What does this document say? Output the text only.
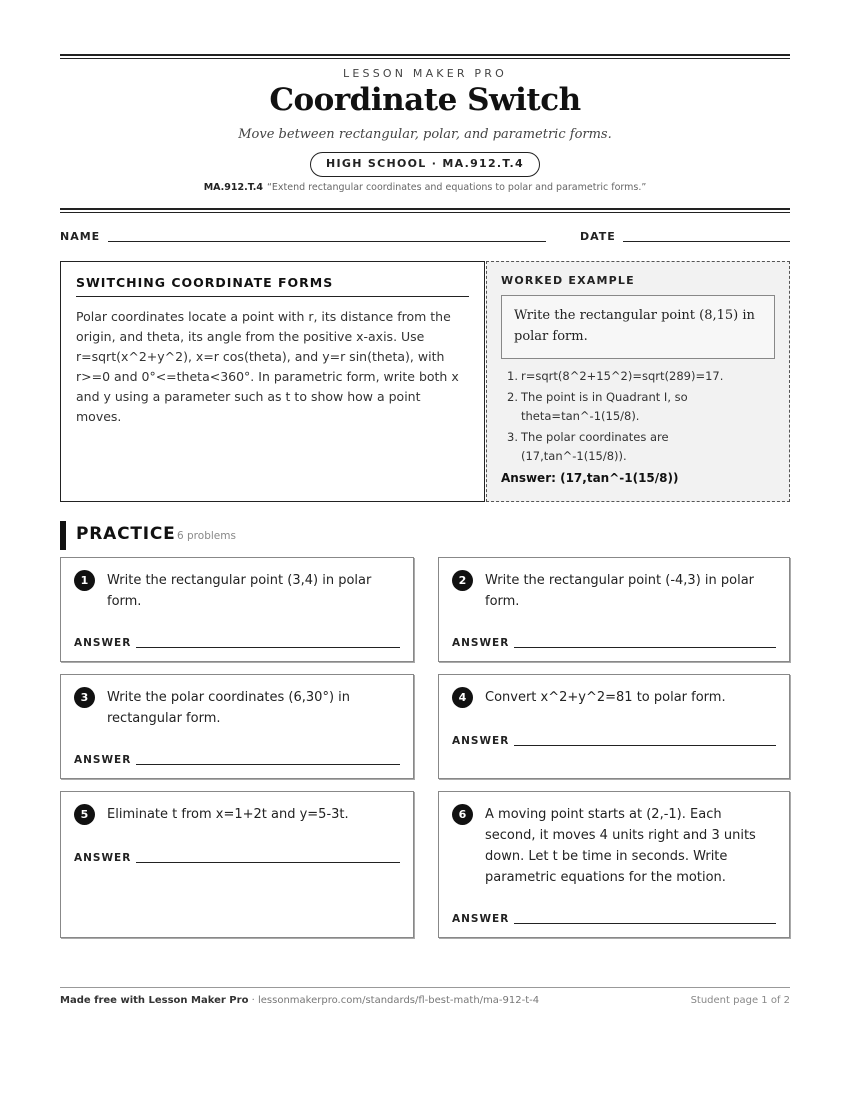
LESSON MAKER PRO
Coordinate Switch
Move between rectangular, polar, and parametric forms.
HIGH SCHOOL · MA.912.T.4
MA.912.T.4 “Extend rectangular coordinates and equations to polar and parametric forms.”
NAME	DATE
SWITCHING COORDINATE FORMS
Polar coordinates locate a point with r, its distance from the origin, and theta, its angle from the positive x-axis. Use r=sqrt(x^2+y^2), x=r cos(theta), and y=r sin(theta), with r>=0 and 0°<=theta<360°. In parametric form, write both x and y using a parameter such as t to show how a point moves.
WORKED EXAMPLE
Write the rectangular point (8,15) in polar form.
1. r=sqrt(8^2+15^2)=sqrt(289)=17.
2. The point is in Quadrant I, so theta=tan^-1(15/8).
3. The polar coordinates are (17,tan^-1(15/8)).
Answer: (17,tan^-1(15/8))
PRACTICE 6 problems
1	Write the rectangular point (3,4) in polar form.
ANSWER
2	Write the rectangular point (-4,3) in polar form.
ANSWER
3	Write the polar coordinates (6,30°) in rectangular form.
ANSWER
4	Convert x^2+y^2=81 to polar form.
ANSWER
5	Eliminate t from x=1+2t and y=5-3t.
ANSWER
6	A moving point starts at (2,-1). Each second, it moves 4 units right and 3 units down. Let t be time in seconds. Write parametric equations for the motion.
ANSWER
Made free with Lesson Maker Pro · lessonmakerpro.com/standards/fl-best-math/ma-912-t-4	Student page 1 of 2
